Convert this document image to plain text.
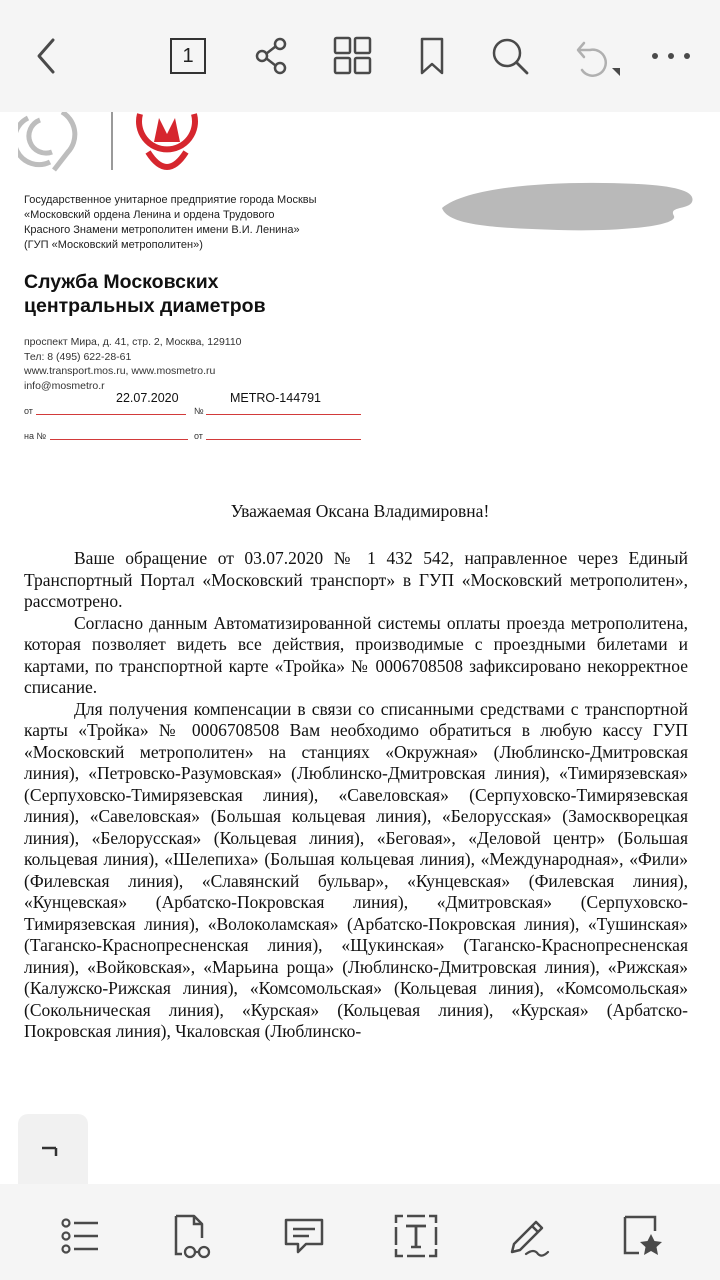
1
Государственное унитарное предприятие города Москвы
«Московский ордена Ленина и ордена Трудового
Красного Знамени метрополитен имени В.И. Ленина»
(ГУП «Московский метрополитен»)
Служба Московских
центральных диаметров
проспект Мира, д. 41, стр. 2, Москва, 129110
Тел: 8 (495) 622-28-61
www.transport.mos.ru, www.mosmetro.ru
info@mosmetro.r
от
22.07.2020
№
METRO-144791
на №	от
Уважаемая Оксана Владимировна!

Ваше обращение от 03.07.2020 № 1 432 542, направленное через Единый Транспортный Портал «Московский транспорт» в ГУП «Московский метрополитен», рассмотрено.

Согласно данным Автоматизированной системы оплаты проезда метрополитена, которая позволяет видеть все действия, производимые с проездными билетами и картами, по транспортной карте «Тройка» № 0006708508 зафиксировано некорректное списание.

Для получения компенсации в связи со списанными средствами с транспортной карты «Тройка» № 0006708508 Вам необходимо обратиться в любую кассу ГУП «Московский метрополитен» на станциях «Окружная» (Люблинско-Дмитровская линия), «Петровско-Разумовская» (Люблинско-Дмитровская линия), «Тимирязевская» (Серпуховско-Тимирязевская линия), «Савеловская» (Серпуховско-Тимирязевская линия), «Савеловская» (Большая кольцевая линия), «Белорусская» (Замоскворецкая линия), «Белорусская» (Кольцевая линия), «Беговая», «Деловой центр» (Большая кольцевая линия), «Шелепиха» (Большая кольцевая линия), «Международная», «Фили» (Филевская линия), «Славянский бульвар», «Кунцевская» (Филевская линия), «Кунцевская» (Арбатско-Покровская линия), «Дмитровская» (Серпуховско-Тимирязевская линия), «Волоколамская» (Арбатско-Покровская линия), «Тушинская» (Таганско-Краснопресненская линия), «Щукинская» (Таганско-Краснопресненская линия), «Войковская», «Марьина роща» (Люблинско-Дмитровская линия), «Рижская» (Калужско-Рижская линия), «Комсомольская» (Кольцевая линия), «Комсомольская» (Сокольническая линия), «Курская» (Кольцевая линия), «Курская» (Арбатско-Покровская линия), Чкаловская (Люблинско-
